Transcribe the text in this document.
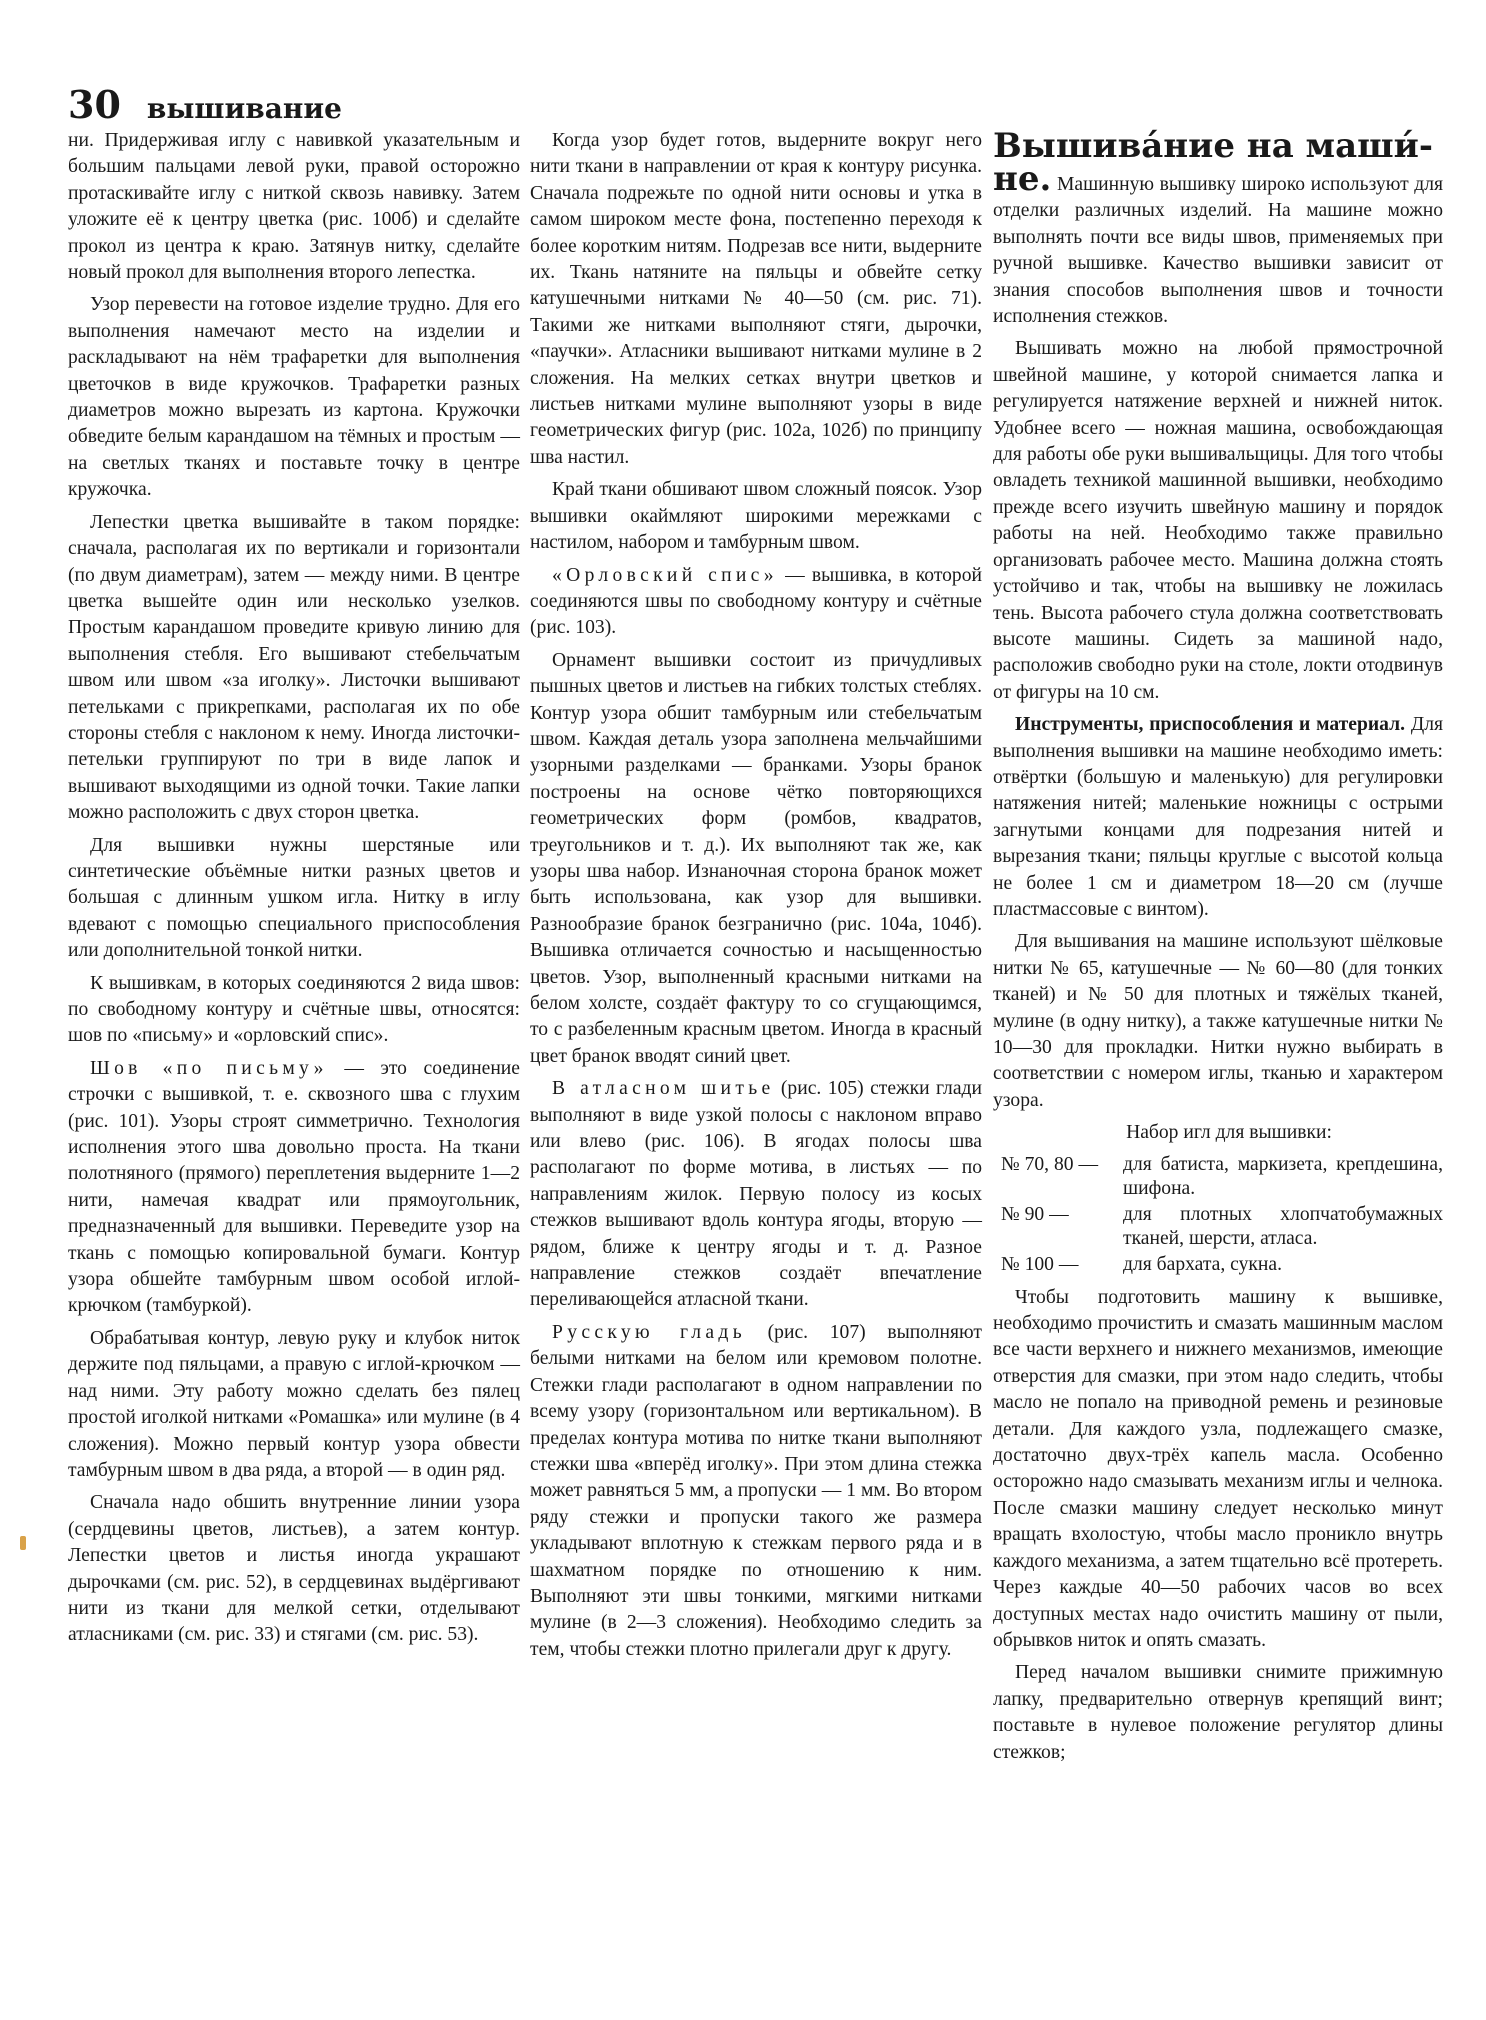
30 вышивание

ни. Придерживая иглу с навивкой указательным и большим пальцами левой руки, правой осторожно протаскивайте иглу с ниткой сквозь навивку. Затем уложите её к центру цветка (рис. 100б) и сделайте прокол из центра к краю. Затянув нитку, сделайте новый прокол для выполнения второго лепестка.

Узор перевести на готовое изделие трудно. Для его выполнения намечают место на изделии и раскладывают на нём трафаретки для выполнения цветочков в виде кружочков. Трафаретки разных диаметров можно вырезать из картона. Кружочки обведите белым карандашом на тёмных и простым — на светлых тканях и поставьте точку в центре кружочка.

Лепестки цветка вышивайте в таком порядке: сначала, располагая их по вертикали и горизонтали (по двум диаметрам), затем — между ними. В центре цветка вышейте один или несколько узелков. Простым карандашом проведите кривую линию для выполнения стебля. Его вышивают стебельчатым швом или швом «за иголку». Листочки вышивают петельками с прикрепками, располагая их по обе стороны стебля с наклоном к нему. Иногда листочки-петельки группируют по три в виде лапок и вышивают выходящими из одной точки. Такие лапки можно расположить с двух сторон цветка.

Для вышивки нужны шерстяные или синтетические объёмные нитки разных цветов и большая с длинным ушком игла. Нитку в иглу вдевают с помощью специального приспособления или дополнительной тонкой нитки.

К вышивкам, в которых соединяются 2 вида швов: по свободному контуру и счётные швы, относятся: шов по «письму» и «орловский спис».

Шов «по письму» — это соединение строчки с вышивкой, т. е. сквозного шва с глухим (рис. 101). Узоры строят симметрично. Технология исполнения этого шва довольно проста. На ткани полотняного (прямого) переплетения выдерните 1—2 нити, намечая квадрат или прямоугольник, предназначенный для вышивки. Переведите узор на ткань с помощью копировальной бумаги. Контур узора обшейте тамбурным швом особой иглой-крючком (тамбуркой).

Обрабатывая контур, левую руку и клубок ниток держите под пяльцами, а правую с иглой-крючком — над ними. Эту работу можно сделать без пялец простой иголкой нитками «Ромашка» или мулине (в 4 сложения). Можно первый контур узора обвести тамбурным швом в два ряда, а второй — в один ряд.

Сначала надо обшить внутренние линии узора (сердцевины цветов, листьев), а затем контур. Лепестки цветов и листья иногда украшают дырочками (см. рис. 52), в сердцевинах выдёргивают нити из ткани для мелкой сетки, отделывают атласниками (см. рис. 33) и стягами (см. рис. 53).

Когда узор будет готов, выдерните вокруг него нити ткани в направлении от края к контуру рисунка. Сначала подрежьте по одной нити основы и утка в самом широком месте фона, постепенно переходя к более коротким нитям. Подрезав все нити, выдерните их. Ткань натяните на пяльцы и обвейте сетку катушечными нитками № 40—50 (см. рис. 71). Такими же нитками выполняют стяги, дырочки, «паучки». Атласники вышивают нитками мулине в 2 сложения. На мелких сетках внутри цветков и листьев нитками мулине выполняют узоры в виде геометрических фигур (рис. 102а, 102б) по принципу шва настил.

Край ткани обшивают швом сложный поясок. Узор вышивки окаймляют широкими мережками с настилом, набором и тамбурным швом.

«Орловский спис» — вышивка, в которой соединяются швы по свободному контуру и счётные (рис. 103).

Орнамент вышивки состоит из причудливых пышных цветов и листьев на гибких толстых стеблях. Контур узора обшит тамбурным или стебельчатым швом. Каждая деталь узора заполнена мельчайшими узорными разделками — бранками. Узоры бранок построены на основе чётко повторяющихся геометрических форм (ромбов, квадратов, треугольников и т. д.). Их выполняют так же, как узоры шва набор. Изнаночная сторона бранок может быть использована, как узор для вышивки. Разнообразие бранок безгранично (рис. 104а, 104б). Вышивка отличается сочностью и насыщенностью цветов. Узор, выполненный красными нитками на белом холсте, создаёт фактуру то со сгущающимся, то с разбеленным красным цветом. Иногда в красный цвет бранок вводят синий цвет.

В атласном шитье (рис. 105) стежки глади выполняют в виде узкой полосы с наклоном вправо или влево (рис. 106). В ягодах полосы шва располагают по форме мотива, в листьях — по направлениям жилок. Первую полосу из косых стежков вышивают вдоль контура ягоды, вторую — рядом, ближе к центру ягоды и т. д. Разное направление стежков создаёт впечатление переливающейся атласной ткани.

Русскую гладь (рис. 107) выполняют белыми нитками на белом или кремовом полотне. Стежки глади располагают в одном направлении по всему узору (горизонтальном или вертикальном). В пределах контура мотива по нитке ткани выполняют стежки шва «вперёд иголку». При этом длина стежка может равняться 5 мм, а пропуски — 1 мм. Во втором ряду стежки и пропуски такого же размера укладывают вплотную к стежкам первого ряда и в шахматном порядке по отношению к ним. Выполняют эти швы тонкими, мягкими нитками мулине (в 2—3 сложения). Необходимо следить за тем, чтобы стежки плотно прилегали друг к другу.

Вышива́ние на маши́-

не. Машинную вышивку широко используют для отделки различных изделий. На машине можно выполнять почти все виды швов, применяемых при ручной вышивке. Качество вышивки зависит от знания способов выполнения швов и точности исполнения стежков.

Вышивать можно на любой прямострочной швейной машине, у которой снимается лапка и регулируется натяжение верхней и нижней ниток. Удобнее всего — ножная машина, освобождающая для работы обе руки вышивальщицы. Для того чтобы овладеть техникой машинной вышивки, необходимо прежде всего изучить швейную машину и порядок работы на ней. Необходимо также правильно организовать рабочее место. Машина должна стоять устойчиво и так, чтобы на вышивку не ложилась тень. Высота рабочего стула должна соответствовать высоте машины. Сидеть за машиной надо, расположив свободно руки на столе, локти отодвинув от фигуры на 10 см.

Инструменты, приспособления и материал. Для выполнения вышивки на машине необходимо иметь: отвёртки (большую и маленькую) для регулировки натяжения нитей; маленькие ножницы с острыми загнутыми концами для подрезания нитей и вырезания ткани; пяльцы круглые с высотой кольца не более 1 см и диаметром 18—20 см (лучше пластмассовые с винтом).

Для вышивания на машине используют шёлковые нитки № 65, катушечные — № 60—80 (для тонких тканей) и № 50 для плотных и тяжёлых тканей, мулине (в одну нитку), а также катушечные нитки № 10—30 для прокладки. Нитки нужно выбирать в соответствии с номером иглы, тканью и характером узора.

Набор игл для вышивки:

№ 70, 80 —	для батиста, маркизета, крепдешина, шифона.
№ 90 —	для плотных хлопчатобумажных тканей, шерсти, атласа.
№ 100 —	для бархата, сукна.

Чтобы подготовить машину к вышивке, необходимо прочистить и смазать машинным маслом все части верхнего и нижнего механизмов, имеющие отверстия для смазки, при этом надо следить, чтобы масло не попало на приводной ремень и резиновые детали. Для каждого узла, подлежащего смазке, достаточно двух-трёх капель масла. Особенно осторожно надо смазывать механизм иглы и челнока. После смазки машину следует несколько минут вращать вхолостую, чтобы масло проникло внутрь каждого механизма, а затем тщательно всё протереть. Через каждые 40—50 рабочих часов во всех доступных местах надо очистить машину от пыли, обрывков ниток и опять смазать.

Перед началом вышивки снимите прижимную лапку, предварительно отвернув крепящий винт; поставьте в нулевое положение регулятор длины стежков;
